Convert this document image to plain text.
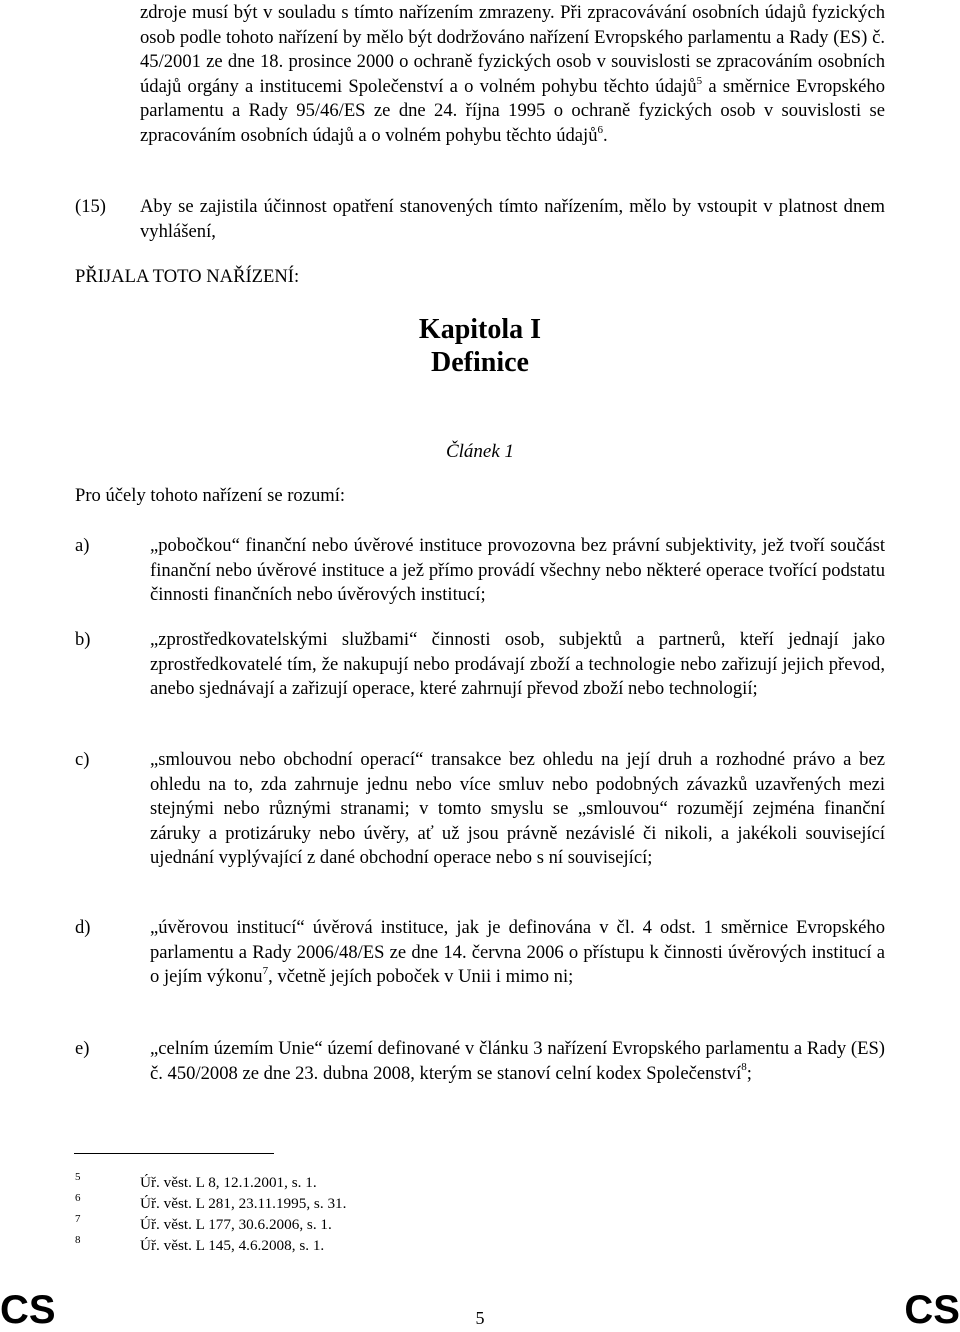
zdroje musí být v souladu s tímto nařízením zmrazeny. Při zpracovávání osobních údajů fyzických osob podle tohoto nařízení by mělo být dodržováno nařízení Evropského parlamentu a Rady (ES) č. 45/2001 ze dne 18. prosince 2000 o ochraně fyzických osob v souvislosti se zpracováním osobních údajů orgány a institucemi Společenství a o volném pohybu těchto údajů$^5$ a směrnice Evropského parlamentu a Rady 95/46/ES ze dne 24. října 1995 o ochraně fyzických osob v souvislosti se zpracováním osobních údajů a o volném pohybu těchto údajů$^6$.

(15) Aby se zajistila účinnost opatření stanovených tímto nařízením, mělo by vstoupit v platnost dnem vyhlášení,

PŘIJALA TOTO NAŘÍZENÍ:

Kapitola I

Definice

Článek 1

Pro účely tohoto nařízení se rozumí:

a)	„pobočkou“ finanční nebo úvěrové instituce provozovna bez právní subjektivity, jež tvoří součást finanční nebo úvěrové instituce a jež přímo provádí všechny nebo některé operace tvořící podstatu činnosti finančních nebo úvěrových institucí;

b)	„zprostředkovatelskými službami“ činnosti osob, subjektů a partnerů, kteří jednají jako zprostředkovatelé tím, že nakupují nebo prodávají zboží a technologie nebo zařizují jejich převod, anebo sjednávají a zařizují operace, které zahrnují převod zboží nebo technologií;

c)	„smlouvou nebo obchodní operací“ transakce bez ohledu na její druh a rozhodné právo a bez ohledu na to, zda zahrnuje jednu nebo více smluv nebo podobných závazků uzavřených mezi stejnými nebo různými stranami; v tomto smyslu se „smlouvou“ rozumějí zejména finanční záruky a protizáruky nebo úvěry, ať už jsou právně nezávislé či nikoli, a jakékoli související ujednání vyplývající z dané obchodní operace nebo s ní související;

d)	„úvěrovou institucí“ úvěrová instituce, jak je definována v čl. 4 odst. 1 směrnice Evropského parlamentu a Rady 2006/48/ES ze dne 14. června 2006 o přístupu k činnosti úvěrových institucí a o jejím výkonu$^7$, včetně jejích poboček v Unii i mimo ni;

e)	„celním územím Unie“ území definované v článku 3 nařízení Evropského parlamentu a Rady (ES) č. 450/2008 ze dne 23. dubna 2008, kterým se stanoví celní kodex Společenství$^8$;

5	Úř. věst. L 8, 12.1.2001, s. 1.

6	Úř. věst. L 281, 23.11.1995, s. 31.

7	Úř. věst. L 177, 30.6.2006, s. 1.

8	Úř. věst. L 145, 4.6.2008, s. 1.

CS	5	CS
